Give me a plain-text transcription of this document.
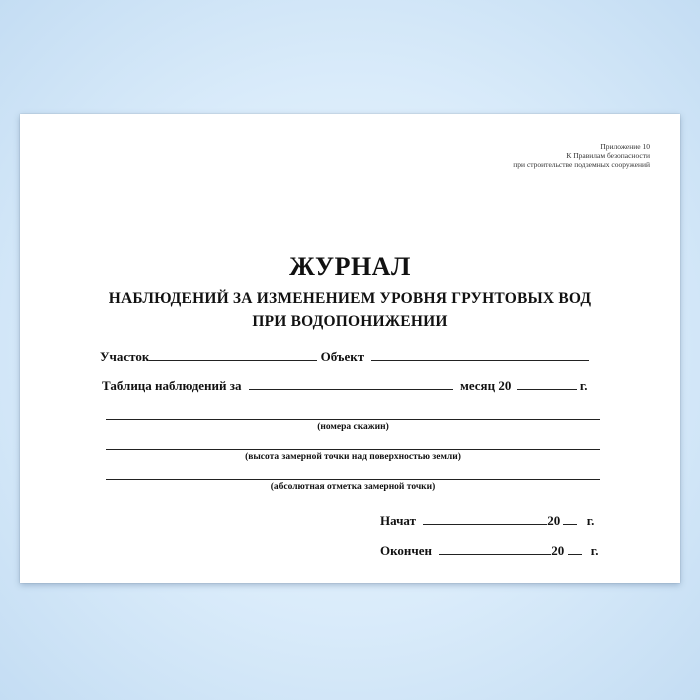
Приложение 10
К Правилам безопасности
при строительстве подземных сооружений
ЖУРНАЛ
НАБЛЮДЕНИЙ ЗА ИЗМЕНЕНИЕМ УРОВНЯ ГРУНТОВЫХ ВОД
ПРИ ВОДОПОНИЖЕНИИ
Участок	Объект
Таблица наблюдений за	месяц 20	г.
(номера скажин)
(высота замерной точки над поверхностью земли)
(абсолютная отметка замерной точки)
Начат	20 г.
Окончен	20 г.
